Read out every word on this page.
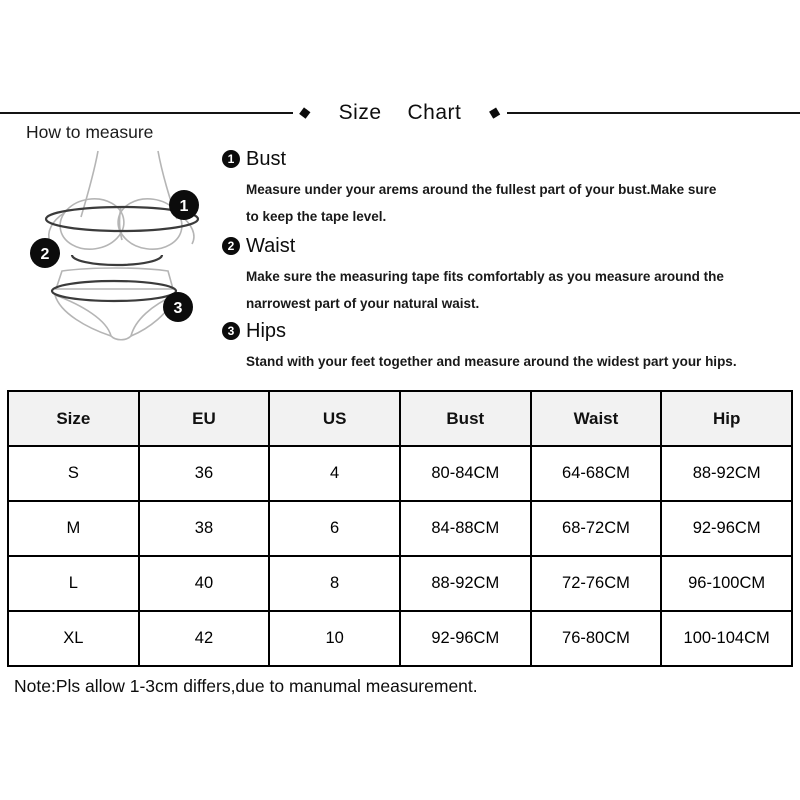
◆ Size Chart ◆
How to measure
1
2
3
1 Bust

Measure under your arems around the fullest part of your bust.Make sure
to keep the tape level.

2 Waist

Make sure the measuring tape fits comfortably as you measure around the
narrowest part of your natural waist.

3 Hips

Stand with your feet together and measure around the widest part your hips.

Size	EU	US	Bust	Waist	Hip
S	36	4	80-84CM	64-68CM	88-92CM
M	38	6	84-88CM	68-72CM	92-96CM
L	40	8	88-92CM	72-76CM	96-100CM
XL	42	10	92-96CM	76-80CM	100-104CM
Note:Pls allow 1-3cm differs,due to manumal measurement.
